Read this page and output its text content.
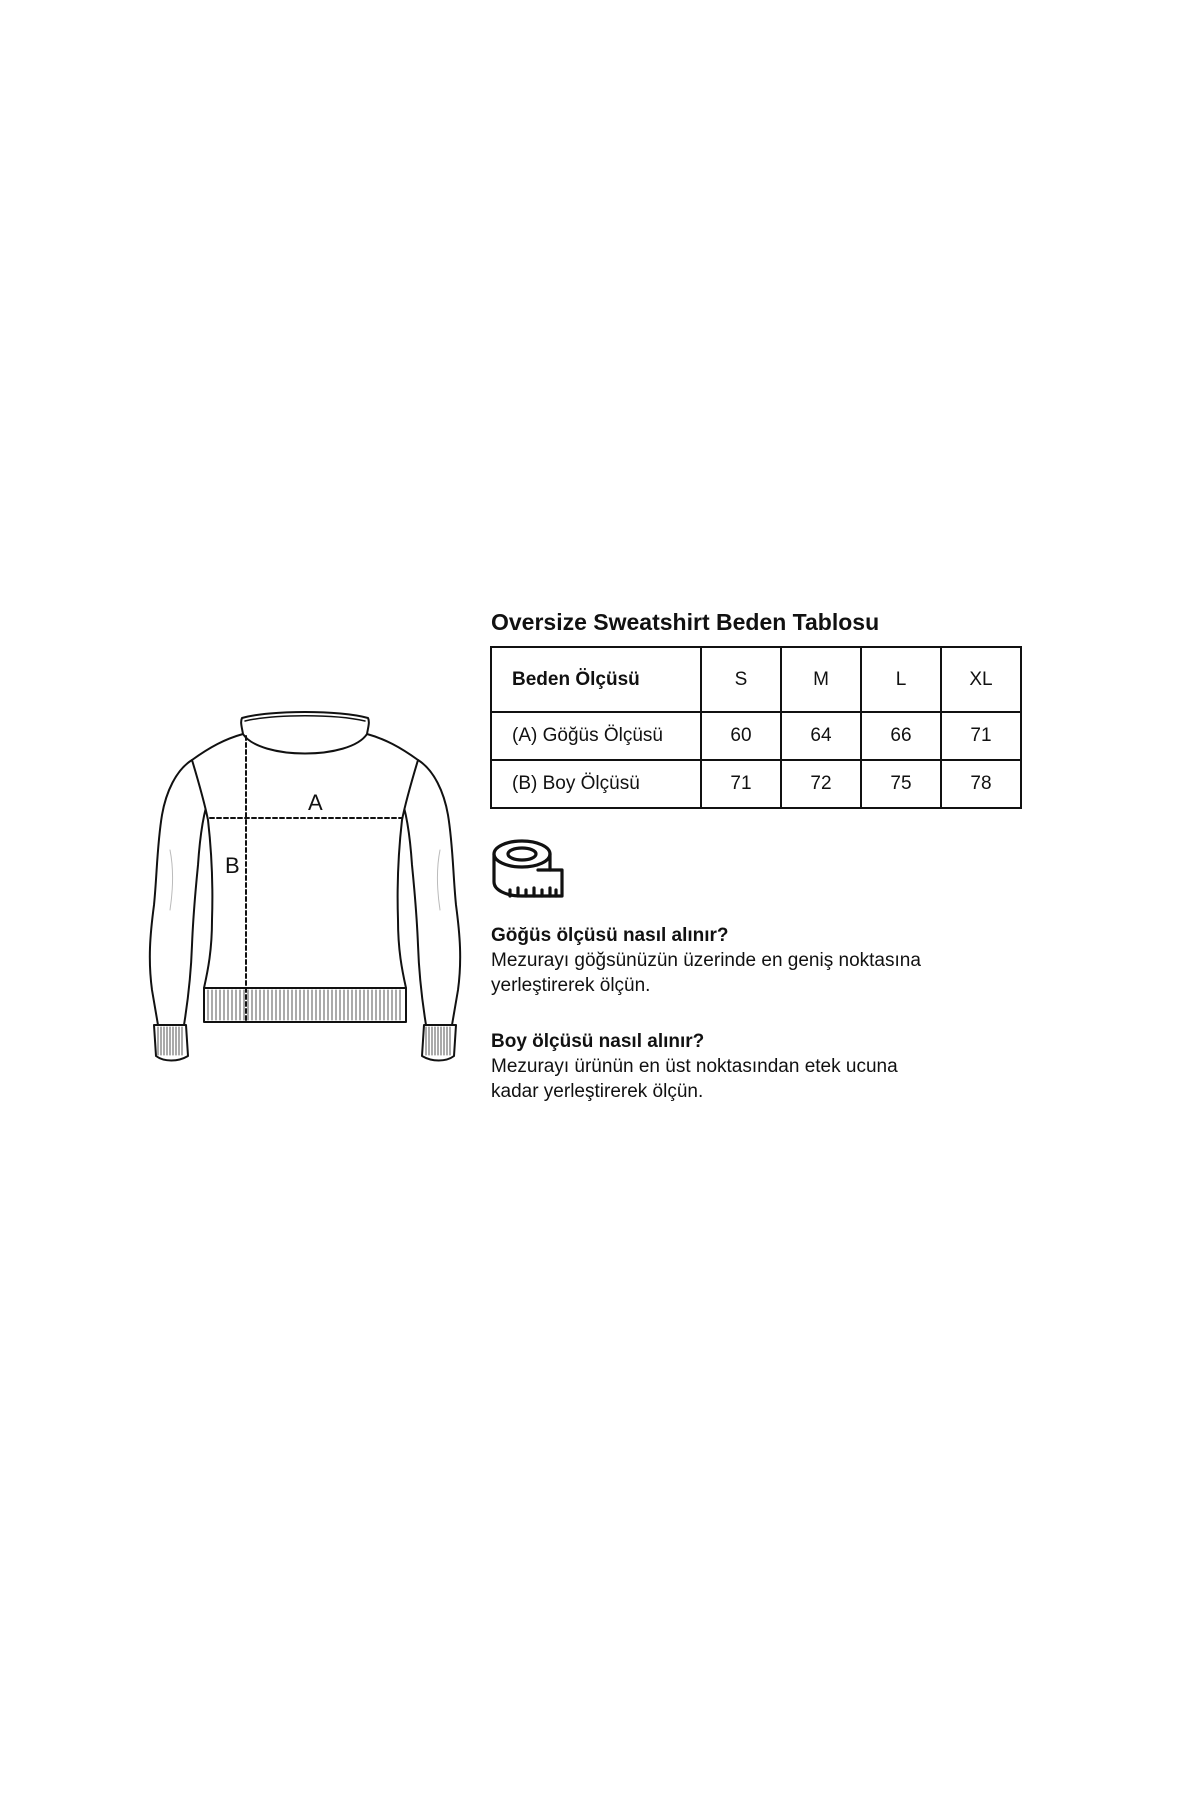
A
B
Oversize Sweatshirt Beden Tablosu
Beden Ölçüsü	S	M	L	XL
(A) Göğüs Ölçüsü	60	64	66	71
(B) Boy Ölçüsü	71	72	75	78
Göğüs ölçüsü nasıl alınır?
Mezurayı göğsünüzün üzerinde en geniş noktasına
yerleştirerek ölçün.
Boy ölçüsü nasıl alınır?
Mezurayı ürünün en üst noktasından etek ucuna
kadar yerleştirerek ölçün.
